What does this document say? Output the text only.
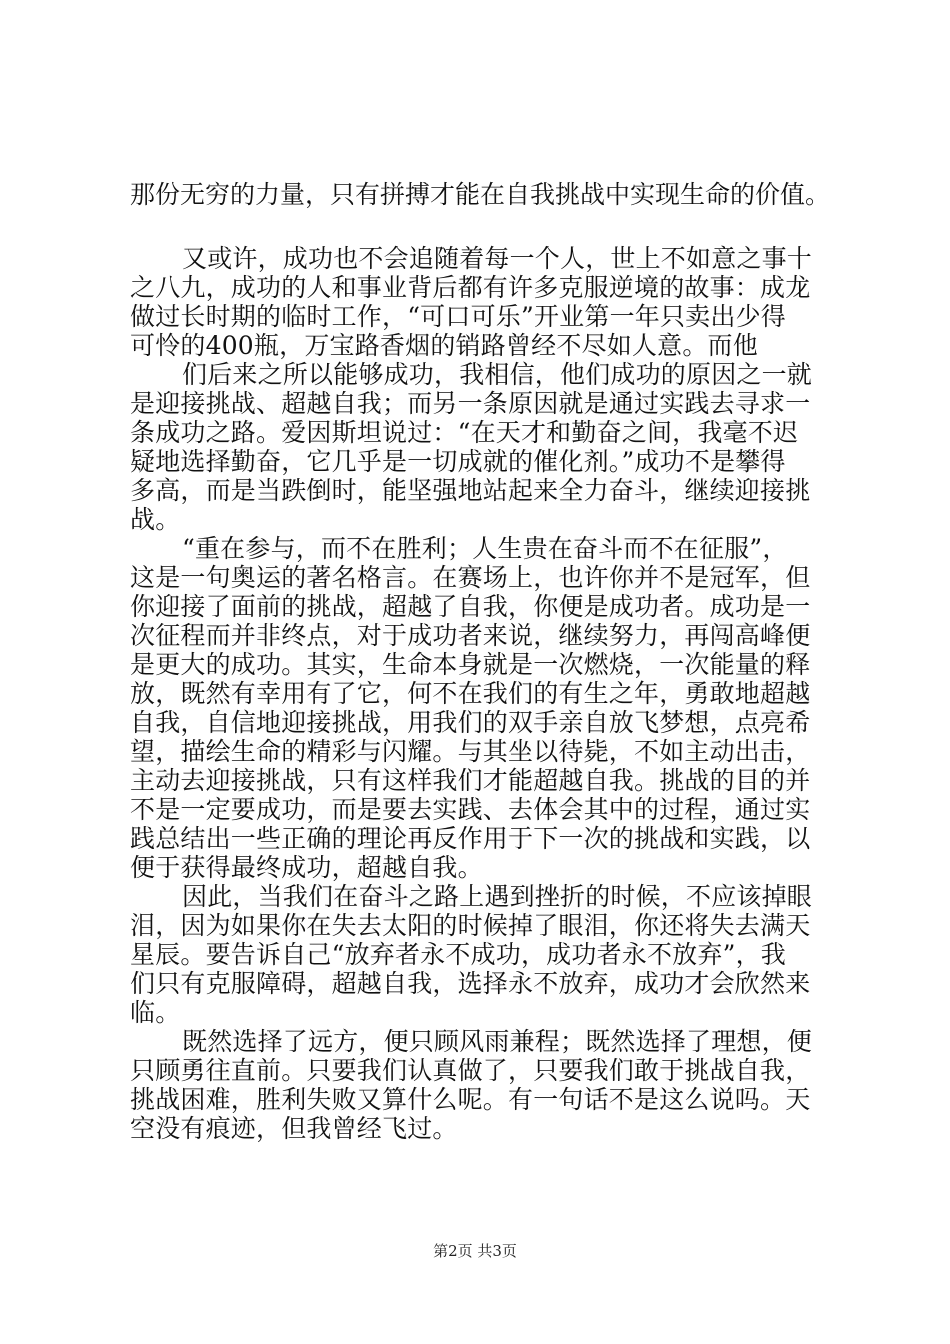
那份无穷的力量，只有拼搏才能在自我挑战中实现生命的价值。
又或许，成功也不会追随着每一个人，世上不如意之事十
之八九，成功的人和事业背后都有许多克服逆境的故事：成龙
做过长时期的临时工作，“可口可乐”开业第一年只卖出少得
可怜的400瓶，万宝路香烟的销路曾经不尽如人意。而他
们后来之所以能够成功，我相信，他们成功的原因之一就
是迎接挑战、超越自我；而另一条原因就是通过实践去寻求一
条成功之路。爱因斯坦说过：“在天才和勤奋之间，我毫不迟
疑地选择勤奋，它几乎是一切成就的催化剂。”成功不是攀得
多高，而是当跌倒时，能坚强地站起来全力奋斗，继续迎接挑
战。
“重在参与，而不在胜利；人生贵在奋斗而不在征服”，
这是一句奥运的著名格言。在赛场上，也许你并不是冠军，但
你迎接了面前的挑战，超越了自我，你便是成功者。成功是一
次征程而并非终点，对于成功者来说，继续努力，再闯高峰便
是更大的成功。其实，生命本身就是一次燃烧，一次能量的释
放，既然有幸用有了它，何不在我们的有生之年，勇敢地超越
自我，自信地迎接挑战，用我们的双手亲自放飞梦想，点亮希
望，描绘生命的精彩与闪耀。与其坐以待毙，不如主动出击，
主动去迎接挑战，只有这样我们才能超越自我。挑战的目的并
不是一定要成功，而是要去实践、去体会其中的过程，通过实
践总结出一些正确的理论再反作用于下一次的挑战和实践，以
便于获得最终成功，超越自我。
因此，当我们在奋斗之路上遇到挫折的时候，不应该掉眼
泪，因为如果你在失去太阳的时候掉了眼泪，你还将失去满天
星辰。要告诉自己“放弃者永不成功，成功者永不放弃”，我
们只有克服障碍，超越自我，选择永不放弃，成功才会欣然来
临。
既然选择了远方，便只顾风雨兼程；既然选择了理想，便
只顾勇往直前。只要我们认真做了，只要我们敢于挑战自我，
挑战困难，胜利失败又算什么呢。有一句话不是这么说吗。天
空没有痕迹，但我曾经飞过。
第2页 共3页
